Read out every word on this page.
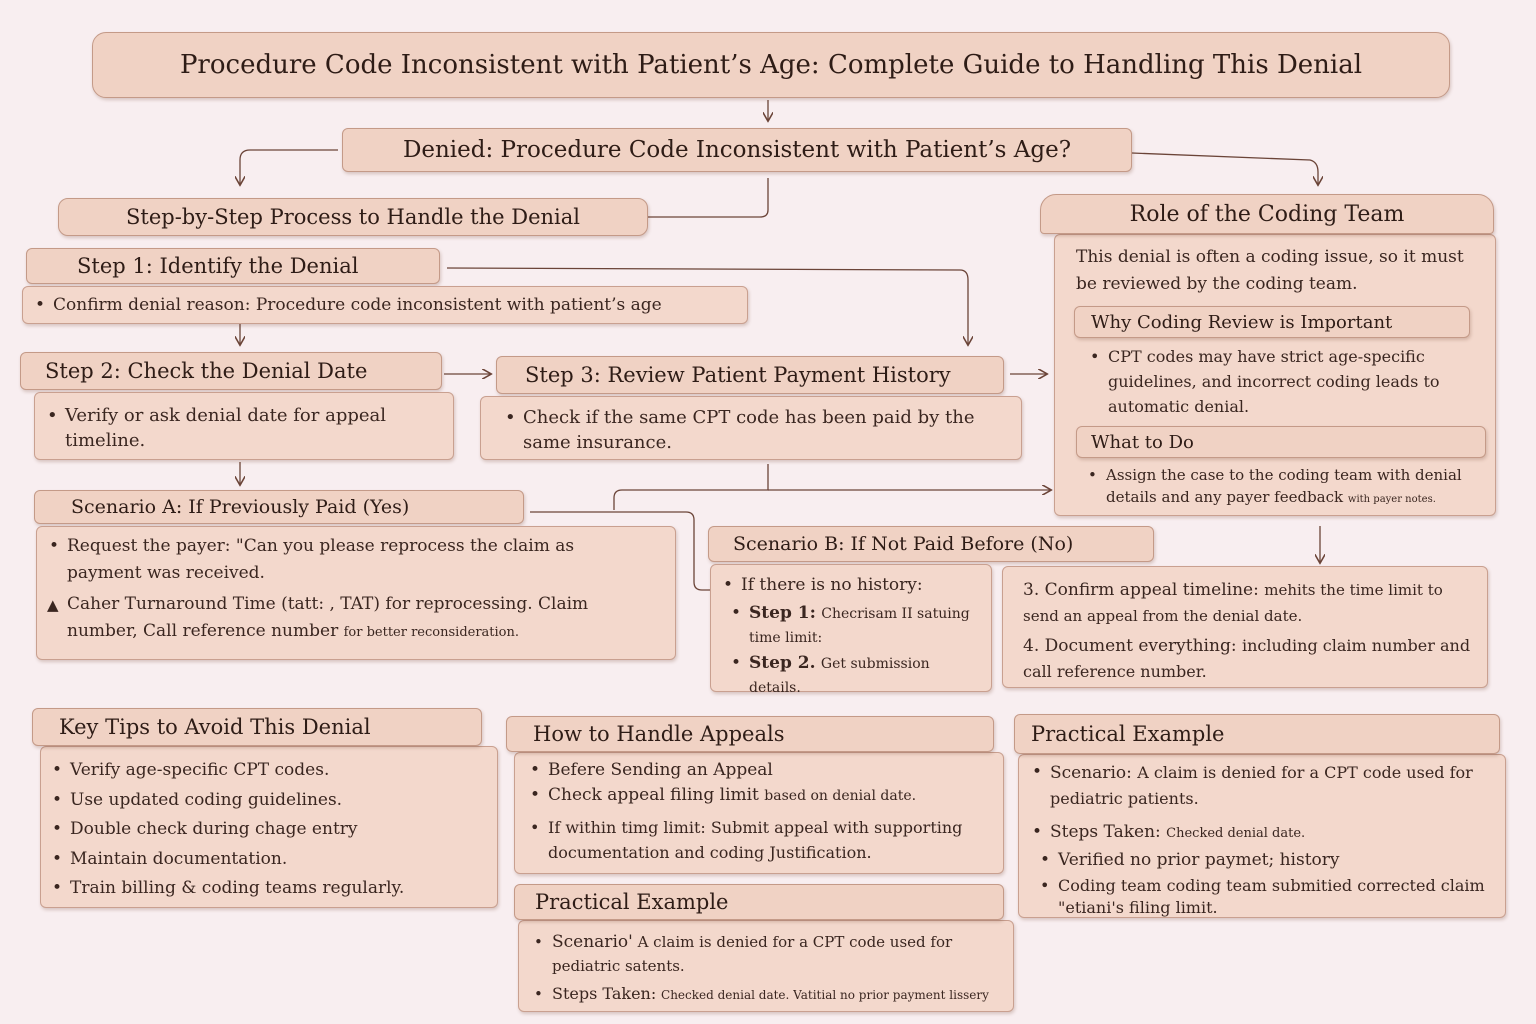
Procedure Code Inconsistent with Patient’s Age: Complete Guide to Handling This Denial
Denied: Procedure Code Inconsistent with Patient’s Age?
Step-by-Step Process to Handle the Denial
Step 1: Identify the Denial
• Confirm denial reason: Procedure code inconsistent with patient’s age
Step 2: Check the Denial Date
• Verify or ask denial date for appeal timeline.
Step 3: Review Patient Payment History
• Check if the same CPT code has been paid by the same insurance.
Role of the Coding Team
This denial is often a coding issue, so it must be reviewed by the coding team.
Why Coding Review is Important
• CPT codes may have strict age-specific guidelines, and incorrect coding leads to automatic denial.
What to Do
• Assign the case to the coding team with denial details and any payer feedback with payer notes.
Scenario A: If Previously Paid (Yes)
• Request the payer: "Can you please reprocess the claim as payment was received.
▲ Caher Turnaround Time (tatt: , TAT) for reprocessing. Claim number, Call reference number for better reconsideration.
Scenario B: If Not Paid Before (No)
• If there is no history:
• Step 1: Checrisam II satuing time limit:
• Step 2. Get submission details.
3. Confirm appeal timeline: mehits the time limit to send an appeal from the denial date.
4. Document everything: including claim number and call reference number.
Key Tips to Avoid This Denial
• Verify age-specific CPT codes.
• Use updated coding guidelines.
• Double check during chage entry
• Maintain documentation.
• Train billing & coding teams regularly.
How to Handle Appeals
• Befere Sending an Appeal
• Check appeal filing limit based on denial date.
• If within timg limit: Submit appeal with supporting documentation and coding Justification.
Practical Example
• Scenario' A claim is denied for a CPT code used for pediatric satents.
• Steps Taken: Checked denial date. Vatitial no prior payment lissery
Practical Example
• Scenario: A claim is denied for a CPT code used for pediatric patients.
• Steps Taken: Checked denial date.
• Verified no prior paymet; history
• Coding team coding team submitied corrected claim "etiani's filing limit.
